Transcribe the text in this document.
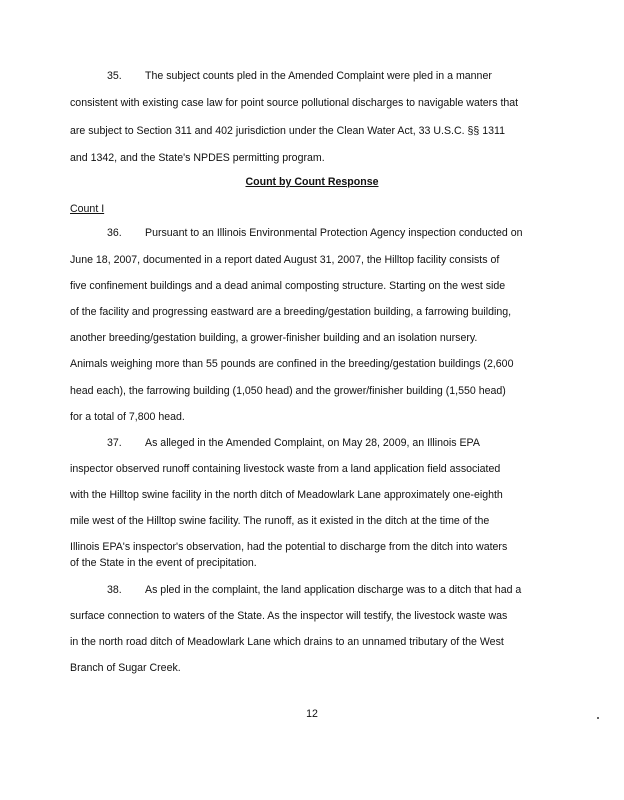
35. The subject counts pled in the Amended Complaint were pled in a manner
consistent with existing case law for point source pollutional discharges to navigable waters that
are subject to Section 311 and 402 jurisdiction under the Clean Water Act, 33 U.S.C. §§ 1311
and 1342, and the State's NPDES permitting program.
Count by Count Response
Count I
36. Pursuant to an Illinois Environmental Protection Agency inspection conducted on
June 18, 2007, documented in a report dated August 31, 2007, the Hilltop facility consists of
five confinement buildings and a dead animal composting structure. Starting on the west side
of the facility and progressing eastward are a breeding/gestation building, a farrowing building,
another breeding/gestation building, a grower-finisher building and an isolation nursery.
Animals weighing more than 55 pounds are confined in the breeding/gestation buildings (2,600
head each), the farrowing building (1,050 head) and the grower/finisher building (1,550 head)
for a total of 7,800 head.
37. As alleged in the Amended Complaint, on May 28, 2009, an Illinois EPA
inspector observed runoff containing livestock waste from a land application field associated
with the Hilltop swine facility in the north ditch of Meadowlark Lane approximately one-eighth
mile west of the Hilltop swine facility. The runoff, as it existed in the ditch at the time of the
Illinois EPA's inspector's observation, had the potential to discharge from the ditch into waters
of the State in the event of precipitation.
38. As pled in the complaint, the land application discharge was to a ditch that had a
surface connection to waters of the State. As the inspector will testify, the livestock waste was
in the north road ditch of Meadowlark Lane which drains to an unnamed tributary of the West
Branch of Sugar Creek.
12
